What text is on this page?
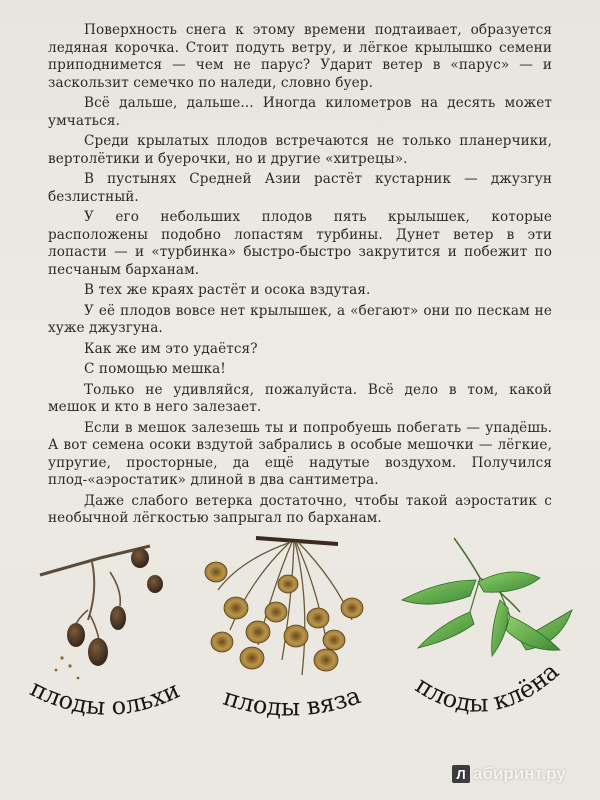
Поверхность снега к этому времени подтаивает, образуется ледяная корочка. Стоит подуть ветру, и лёгкое крылышко семени приподнимется — чем не парус? Ударит ветер в «парус» — и заскользит семечко по наледи, словно буер.

Всё дальше, дальше... Иногда километров на десять может умчаться.

Среди крылатых плодов встречаются не только планерчики, вертолётики и буерочки, но и другие «хитрецы».

В пустынях Средней Азии растёт кустарник — джузгун безлистный.

У его небольших плодов пять крылышек, которые расположены подобно лопастям турбины. Дунет ветер в эти лопасти — и «турбинка» быстро-быстро закрутится и побежит по песчаным барханам.

В тех же краях растёт и осока вздутая.

У её плодов вовсе нет крылышек, а «бегают» они по пескам не хуже джузгуна.

Как же им это удаётся?

С помощью мешка!

Только не удивляйся, пожалуйста. Всё дело в том, какой мешок и кто в него залезает.

Если в мешок залезешь ты и попробуешь побегать — упадёшь. А вот семена осоки вздутой забрались в особые мешочки — лёгкие, упругие, просторные, да ещё надутые воздухом. Получился плод-«аэростатик» длиной в два сантиметра.

Даже слабого ветерка достаточно, чтобы такой аэростатик с необычной лёгкостью запрыгал по барханам.

плоды ольхи плоды вяза плоды клёна
Л абиринт.ру
